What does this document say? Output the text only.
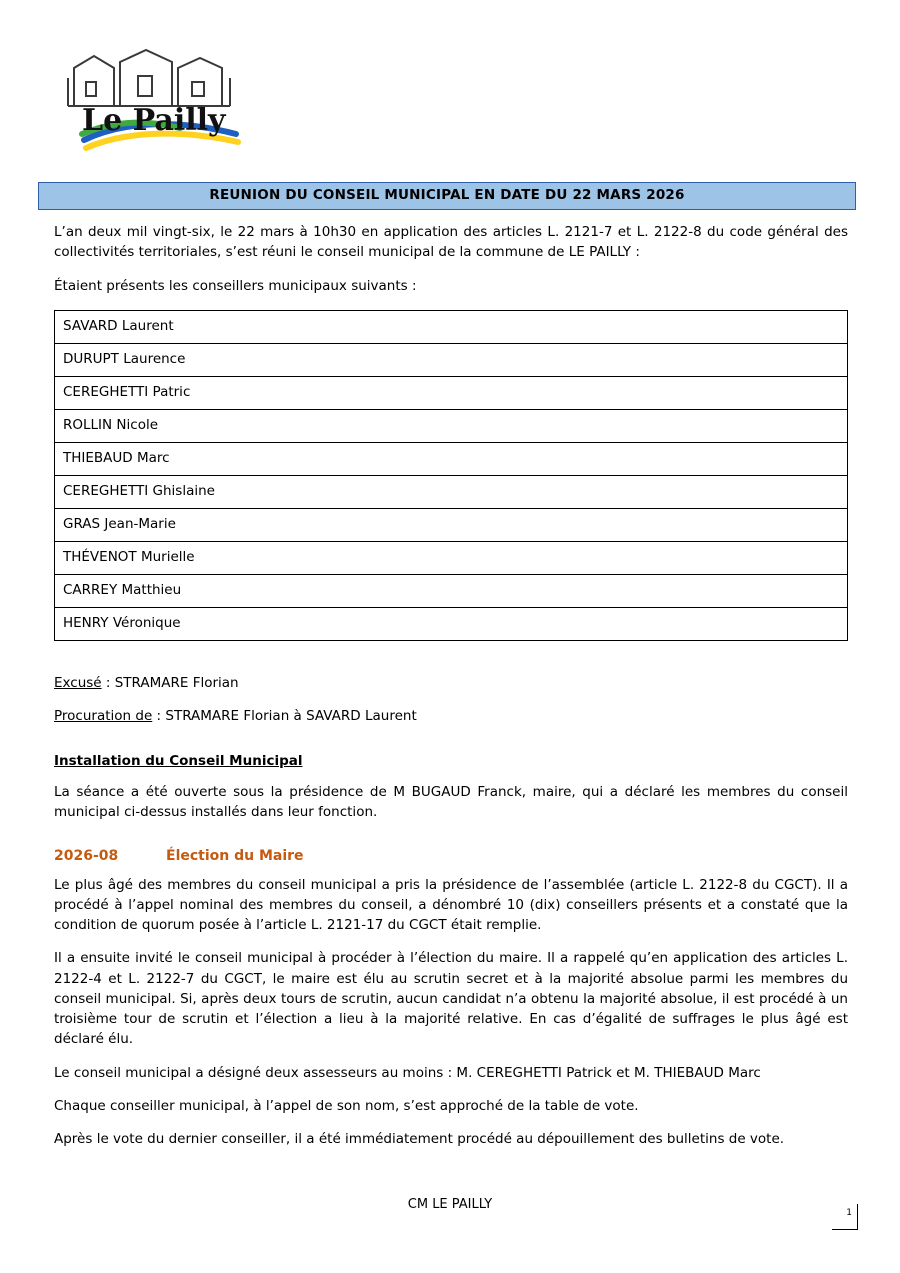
Le Pailly
REUNION DU CONSEIL MUNICIPAL EN DATE DU 22 MARS 2026

L’an deux mil vingt-six, le 22 mars à 10h30 en application des articles L. 2121-7 et L. 2122-8 du code général des collectivités territoriales, s’est réuni le conseil municipal de la commune de LE PAILLY :

Étaient présents les conseillers municipaux suivants :

SAVARD Laurent
DURUPT Laurence
CEREGHETTI Patric
ROLLIN Nicole
THIEBAUD Marc
CEREGHETTI Ghislaine
GRAS Jean-Marie
THÉVENOT Murielle
CARREY Matthieu
HENRY Véronique

Excusé : STRAMARE Florian

Procuration de : STRAMARE Florian à SAVARD Laurent

Installation du Conseil Municipal

La séance a été ouverte sous la présidence de M BUGAUD Franck, maire, qui a déclaré les membres du conseil municipal ci-dessus installés dans leur fonction.

2026-08	Élection du Maire

Le plus âgé des membres du conseil municipal a pris la présidence de l’assemblée (article L. 2122-8 du CGCT). Il a procédé à l’appel nominal des membres du conseil, a dénombré 10 (dix) conseillers présents et a constaté que la condition de quorum posée à l’article L. 2121-17 du CGCT était remplie.

Il a ensuite invité le conseil municipal à procéder à l’élection du maire. Il a rappelé qu’en application des articles L. 2122-4 et L. 2122-7 du CGCT, le maire est élu au scrutin secret et à la majorité absolue parmi les membres du conseil municipal. Si, après deux tours de scrutin, aucun candidat n’a obtenu la majorité absolue, il est procédé à un troisième tour de scrutin et l’élection a lieu à la majorité relative. En cas d’égalité de suffrages le plus âgé est déclaré élu.

Le conseil municipal a désigné deux assesseurs au moins : M. CEREGHETTI Patrick et M. THIEBAUD Marc

Chaque conseiller municipal, à l’appel de son nom, s’est approché de la table de vote.

Après le vote du dernier conseiller, il a été immédiatement procédé au dépouillement des bulletins de vote.

CM LE PAILLY
1
